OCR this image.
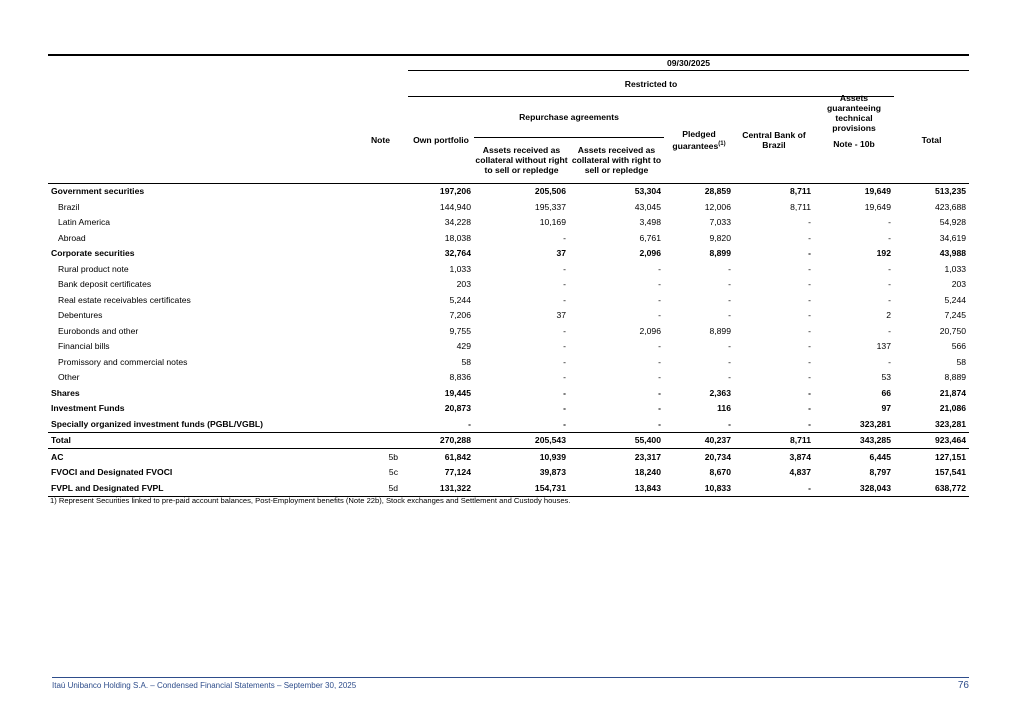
		09/30/2025						
		Restricted to						
	Note	Own portfolio	Repurchase agreements		Pledged guarantees$^{(1)}$	Central Bank of Brazil	Assets guaranteeing technical provisions	Total
			Assets received as collateral without right to sell or repledge	Assets received as collateral with right to sell or repledge			Note - 10b	
Government securities		197,206	205,506	53,304	28,859	8,711	19,649	513,235
Brazil		144,940	195,337	43,045	12,006	8,711	19,649	423,688
Latin America		34,228	10,169	3,498	7,033	-	-	54,928
Abroad		18,038	-	6,761	9,820	-	-	34,619
Corporate securities		32,764	37	2,096	8,899	-	192	43,988
Rural product note		1,033	-	-	-	-	-	1,033
Bank deposit certificates		203	-	-	-	-	-	203
Real estate receivables certificates		5,244	-	-	-	-	-	5,244
Debentures		7,206	37	-	-	-	2	7,245
Eurobonds and other		9,755	-	2,096	8,899	-	-	20,750
Financial bills		429	-	-	-	-	137	566
Promissory and commercial notes		58	-	-	-	-	-	58
Other		8,836	-	-	-	-	53	8,889
Shares		19,445	-	-	2,363	-	66	21,874
Investment Funds		20,873	-	-	116	-	97	21,086
Specially organized investment funds (PGBL/VGBL)		-	-	-	-	-	323,281	323,281
Total		270,288	205,543	55,400	40,237	8,711	343,285	923,464
AC	5b	61,842	10,939	23,317	20,734	3,874	6,445	127,151
FVOCI and Designated FVOCI	5c	77,124	39,873	18,240	8,670	4,837	8,797	157,541
FVPL and Designated FVPL	5d	131,322	154,731	13,843	10,833	-	328,043	638,772
1) Represent Securities linked to pre-paid account balances, Post-Employment benefits (Note 22b), Stock exchanges and Settlement and Custody houses.
Itaú Unibanco Holding S.A. – Condensed Financial Statements – September 30, 2025	76
